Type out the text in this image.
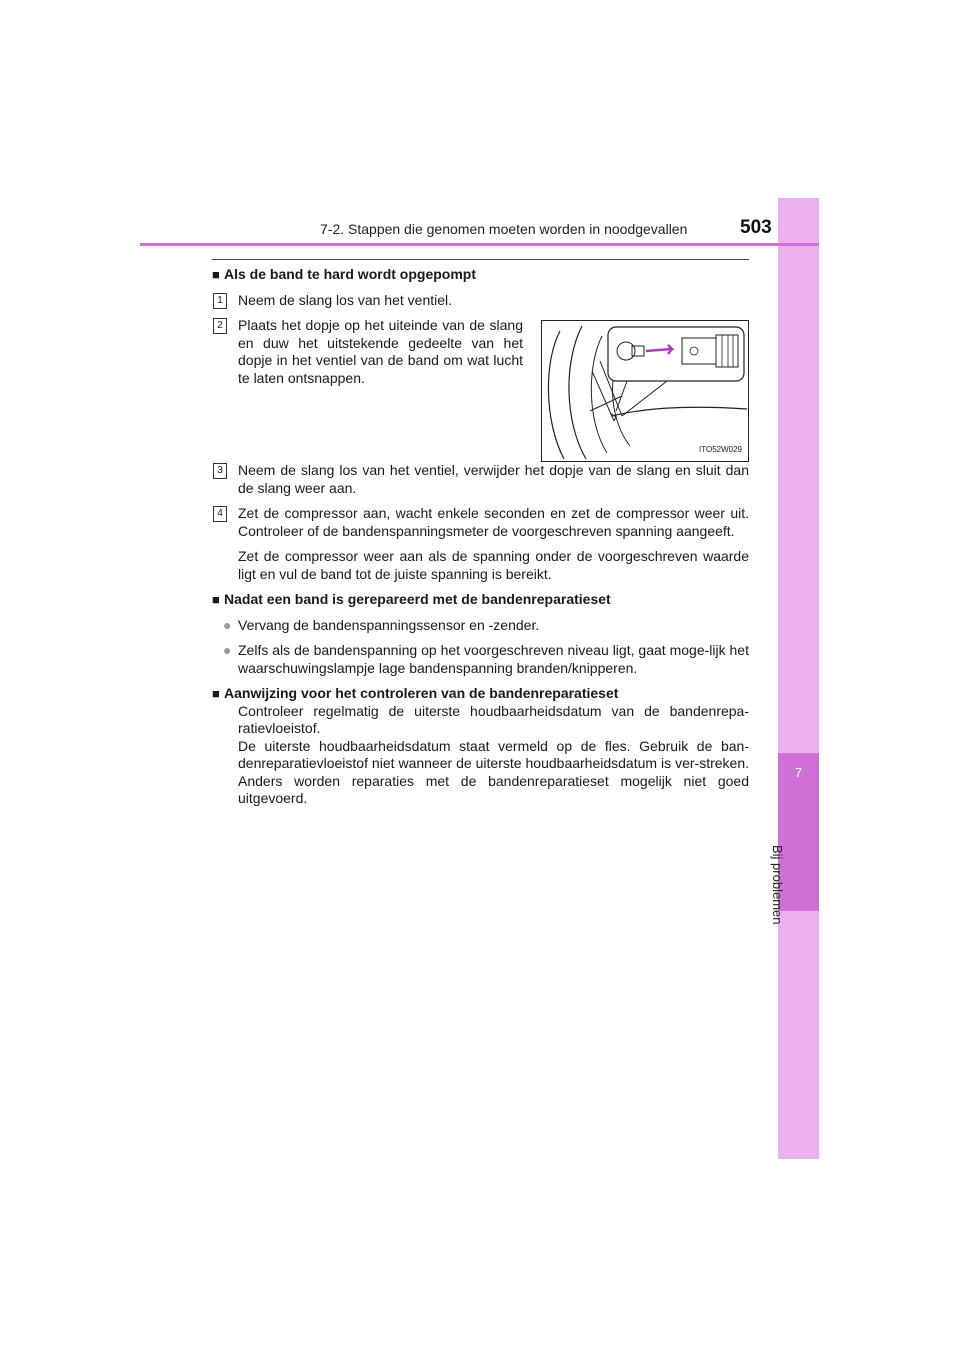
7
Bij problemen
7-2. Stappen die genomen moeten worden in noodgevallen	503
■ Als de band te hard wordt opgepompt
1	Neem de slang los van het ventiel.
2	Plaats het dopje op het uiteinde van de slang en duw het uitstekende gedeelte van het dopje in het ventiel van de band om wat lucht te laten ontsnappen.
ITO52W029
3	Neem de slang los van het ventiel, verwijder het dopje van de slang en sluit dan de slang weer aan.
4	Zet de compressor aan, wacht enkele seconden en zet de compressor weer uit. Controleer of de bandenspanningsmeter de voorgeschreven spanning aangeeft.
Zet de compressor weer aan als de spanning onder de voorgeschreven waarde ligt en vul de band tot de juiste spanning is bereikt.
■ Nadat een band is gerepareerd met de bandenreparatieset
● Vervang de bandenspanningssensor en -zender.
● Zelfs als de bandenspanning op het voorgeschreven niveau ligt, gaat moge-lijk het waarschuwingslampje lage bandenspanning branden/knipperen.
■ Aanwijzing voor het controleren van de bandenreparatieset
Controleer regelmatig de uiterste houdbaarheidsdatum van de bandenrepa-ratievloeistof.
De uiterste houdbaarheidsdatum staat vermeld op de fles. Gebruik de ban-denreparatievloeistof niet wanneer de uiterste houdbaarheidsdatum is ver-streken. Anders worden reparaties met de bandenreparatieset mogelijk niet goed uitgevoerd.
